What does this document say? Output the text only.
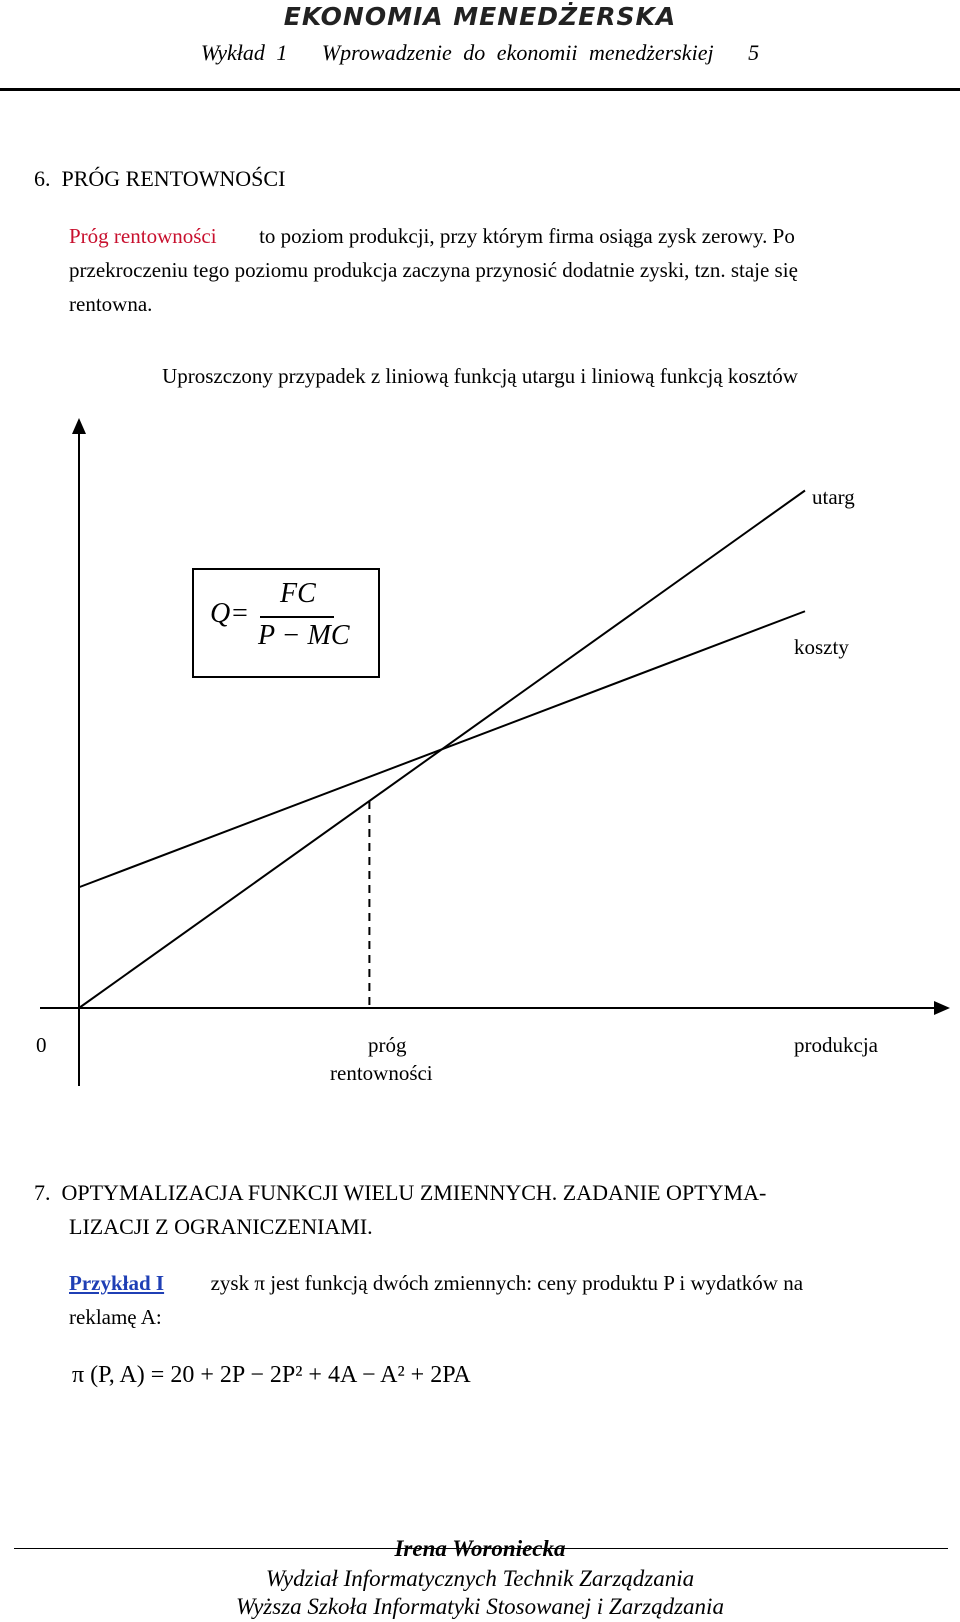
EKONOMIA MENEDŻERSKA
Wykład 1   Wprowadzenie do ekonomii menedżerskiej   5
6.  PRÓG RENTOWNOŚCI
Próg rentowności to poziom produkcji, przy którym firma osiąga zysk zerowy. Po
przekroczeniu tego poziomu produkcja zaczyna przynosić dodatnie zyski, tzn. staje się
rentowna.
Uproszczony przypadek z liniową funkcją utargu i liniową funkcją kosztów
utarg
koszty
0	próg
rentowności
produkcja
Q=
FC
P − MC
7.  OPTYMALIZACJA FUNKCJI WIELU ZMIENNYCH. ZADANIE OPTYMA-
LIZACJI Z OGRANICZENIAMI.
Przykład I zysk π jest funkcją dwóch zmiennych: ceny produktu P i wydatków na
reklamę A:
π (P, A) = 20 + 2P − 2P² + 4A − A² + 2PA
Irena Woroniecka
Wydział Informatycznych Technik Zarządzania
Wyższa Szkoła Informatyki Stosowanej i Zarządzania
